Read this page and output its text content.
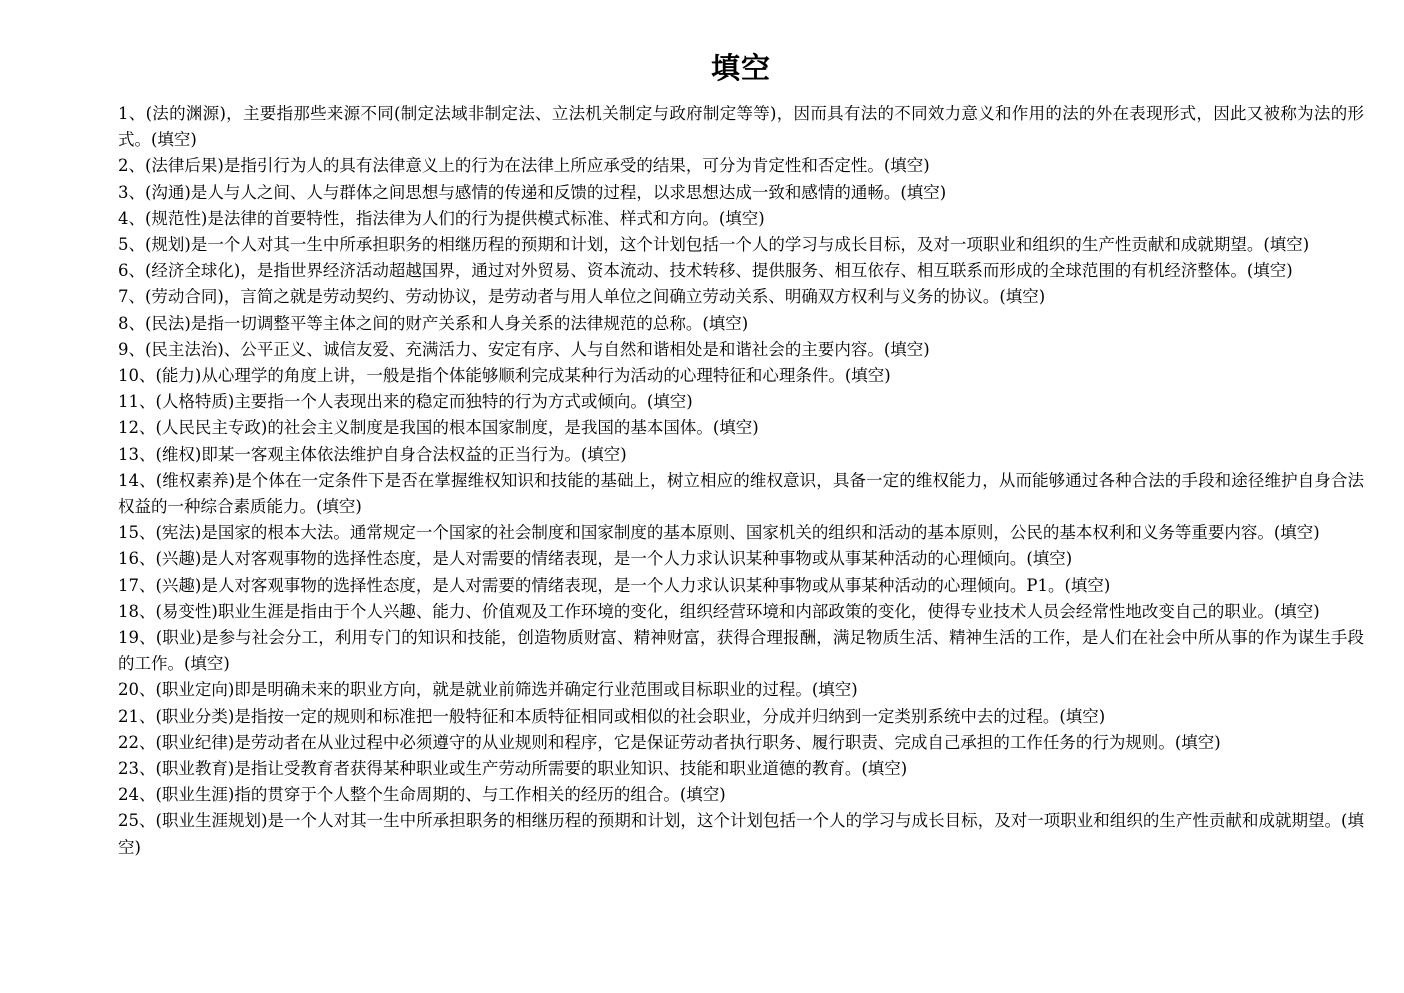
填空

1、(法的渊源)，主要指那些来源不同(制定法域非制定法、立法机关制定与政府制定等等)，因而具有法的不同效力意义和作用的法的外在表现形式，因此又被称为法的形式。(填空)

2、(法律后果)是指引行为人的具有法律意义上的行为在法律上所应承受的结果，可分为肯定性和否定性。(填空)

3、(沟通)是人与人之间、人与群体之间思想与感情的传递和反馈的过程，以求思想达成一致和感情的通畅。(填空)

4、(规范性)是法律的首要特性，指法律为人们的行为提供模式标准、样式和方向。(填空)

5、(规划)是一个人对其一生中所承担职务的相继历程的预期和计划，这个计划包括一个人的学习与成长目标，及对一项职业和组织的生产性贡献和成就期望。(填空)

6、(经济全球化)，是指世界经济活动超越国界，通过对外贸易、资本流动、技术转移、提供服务、相互依存、相互联系而形成的全球范围的有机经济整体。(填空)

7、(劳动合同)，言简之就是劳动契约、劳动协议，是劳动者与用人单位之间确立劳动关系、明确双方权利与义务的协议。(填空)

8、(民法)是指一切调整平等主体之间的财产关系和人身关系的法律规范的总称。(填空)

9、(民主法治)、公平正义、诚信友爱、充满活力、安定有序、人与自然和谐相处是和谐社会的主要内容。(填空)

10、(能力)从心理学的角度上讲，一般是指个体能够顺利完成某种行为活动的心理特征和心理条件。(填空)

11、(人格特质)主要指一个人表现出来的稳定而独特的行为方式或倾向。(填空)

12、(人民民主专政)的社会主义制度是我国的根本国家制度，是我国的基本国体。(填空)

13、(维权)即某一客观主体依法维护自身合法权益的正当行为。(填空)

14、(维权素养)是个体在一定条件下是否在掌握维权知识和技能的基础上，树立相应的维权意识，具备一定的维权能力，从而能够通过各种合法的手段和途径维护自身合法权益的一种综合素质能力。(填空)

15、(宪法)是国家的根本大法。通常规定一个国家的社会制度和国家制度的基本原则、国家机关的组织和活动的基本原则，公民的基本权利和义务等重要内容。(填空)

16、(兴趣)是人对客观事物的选择性态度，是人对需要的情绪表现，是一个人力求认识某种事物或从事某种活动的心理倾向。(填空)

17、(兴趣)是人对客观事物的选择性态度，是人对需要的情绪表现，是一个人力求认识某种事物或从事某种活动的心理倾向。P1。(填空)

18、(易变性)职业生涯是指由于个人兴趣、能力、价值观及工作环境的变化，组织经营环境和内部政策的变化，使得专业技术人员会经常性地改变自己的职业。(填空)

19、(职业)是参与社会分工，利用专门的知识和技能，创造物质财富、精神财富，获得合理报酬，满足物质生活、精神生活的工作，是人们在社会中所从事的作为谋生手段的工作。(填空)

20、(职业定向)即是明确未来的职业方向，就是就业前筛选并确定行业范围或目标职业的过程。(填空)

21、(职业分类)是指按一定的规则和标准把一般特征和本质特征相同或相似的社会职业，分成并归纳到一定类别系统中去的过程。(填空)

22、(职业纪律)是劳动者在从业过程中必须遵守的从业规则和程序，它是保证劳动者执行职务、履行职责、完成自己承担的工作任务的行为规则。(填空)

23、(职业教育)是指让受教育者获得某种职业或生产劳动所需要的职业知识、技能和职业道德的教育。(填空)

24、(职业生涯)指的贯穿于个人整个生命周期的、与工作相关的经历的组合。(填空)

25、(职业生涯规划)是一个人对其一生中所承担职务的相继历程的预期和计划，这个计划包括一个人的学习与成长目标，及对一项职业和组织的生产性贡献和成就期望。(填空)
